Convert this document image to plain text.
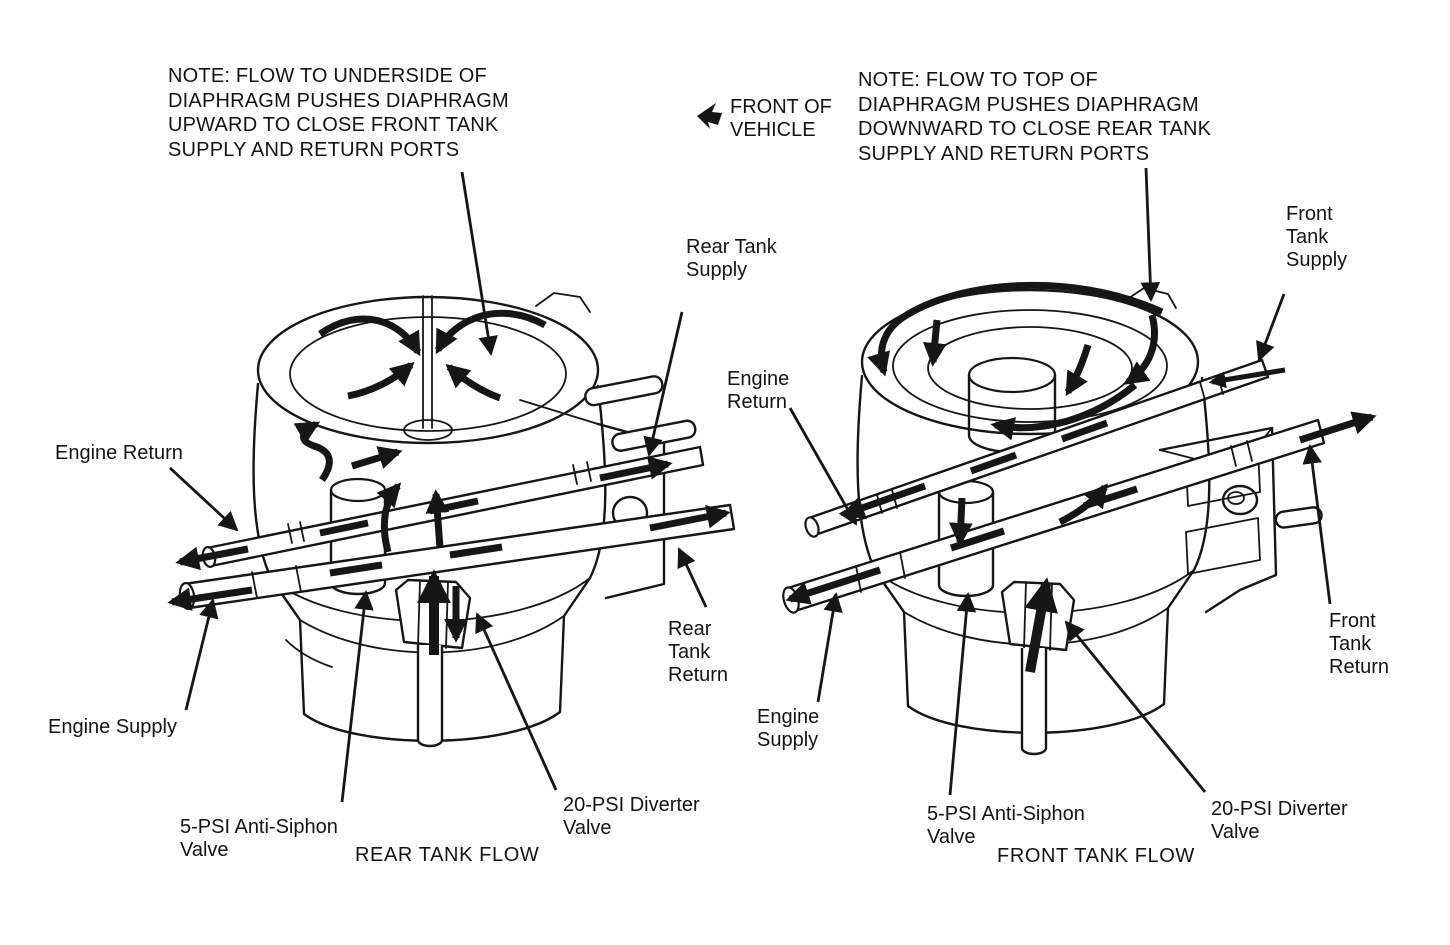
NOTE: FLOW TO UNDERSIDE OF
DIAPHRAGM PUSHES DIAPHRAGM
UPWARD TO CLOSE FRONT TANK
SUPPLY AND RETURN PORTS
NOTE: FLOW TO TOP OF
DIAPHRAGM PUSHES DIAPHRAGM
DOWNWARD TO CLOSE REAR TANK
SUPPLY AND RETURN PORTS
FRONT OF
VEHICLE
Rear Tank
Supply
Engine Return
Engine Supply
Rear
Tank
Return
5-PSI Anti-Siphon
Valve
20-PSI Diverter
Valve
REAR TANK FLOW
Front
Tank
Supply
Engine
Return
Engine
Supply
Front
Tank
Return
5-PSI Anti-Siphon
Valve
20-PSI Diverter
Valve
FRONT TANK FLOW
